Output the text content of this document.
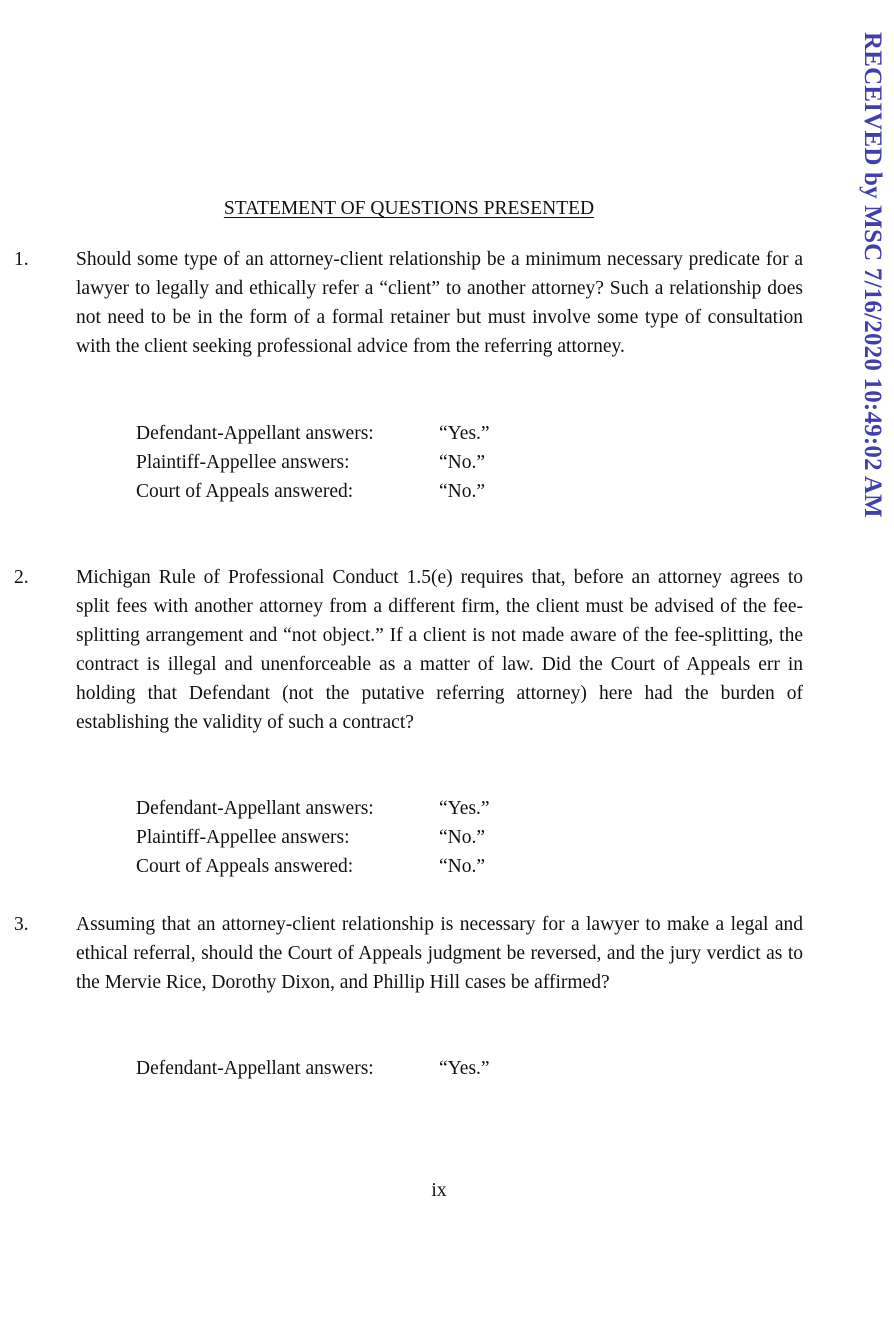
RECEIVED by MSC 7/16/2020 10:49:02 AM
STATEMENT OF QUESTIONS PRESENTED
1. Should some type of an attorney-client relationship be a minimum necessary predicate for a lawyer to legally and ethically refer a “client” to another attorney? Such a relationship does not need to be in the form of a formal retainer but must involve some type of consultation with the client seeking professional advice from the referring attorney.
Defendant-Appellant answers:	“Yes.”
Plaintiff-Appellee answers:	“No.”
Court of Appeals answered:	“No.”
2. Michigan Rule of Professional Conduct 1.5(e) requires that, before an attorney agrees to split fees with another attorney from a different firm, the client must be advised of the fee-splitting arrangement and “not object.” If a client is not made aware of the fee-splitting, the contract is illegal and unenforceable as a matter of law. Did the Court of Appeals err in holding that Defendant (not the putative referring attorney) here had the burden of establishing the validity of such a contract?
Defendant-Appellant answers:	“Yes.”
Plaintiff-Appellee answers:	“No.”
Court of Appeals answered:	“No.”
3. Assuming that an attorney-client relationship is necessary for a lawyer to make a legal and ethical referral, should the Court of Appeals judgment be reversed, and the jury verdict as to the Mervie Rice, Dorothy Dixon, and Phillip Hill cases be affirmed?
Defendant-Appellant answers:	“Yes.”
ix
